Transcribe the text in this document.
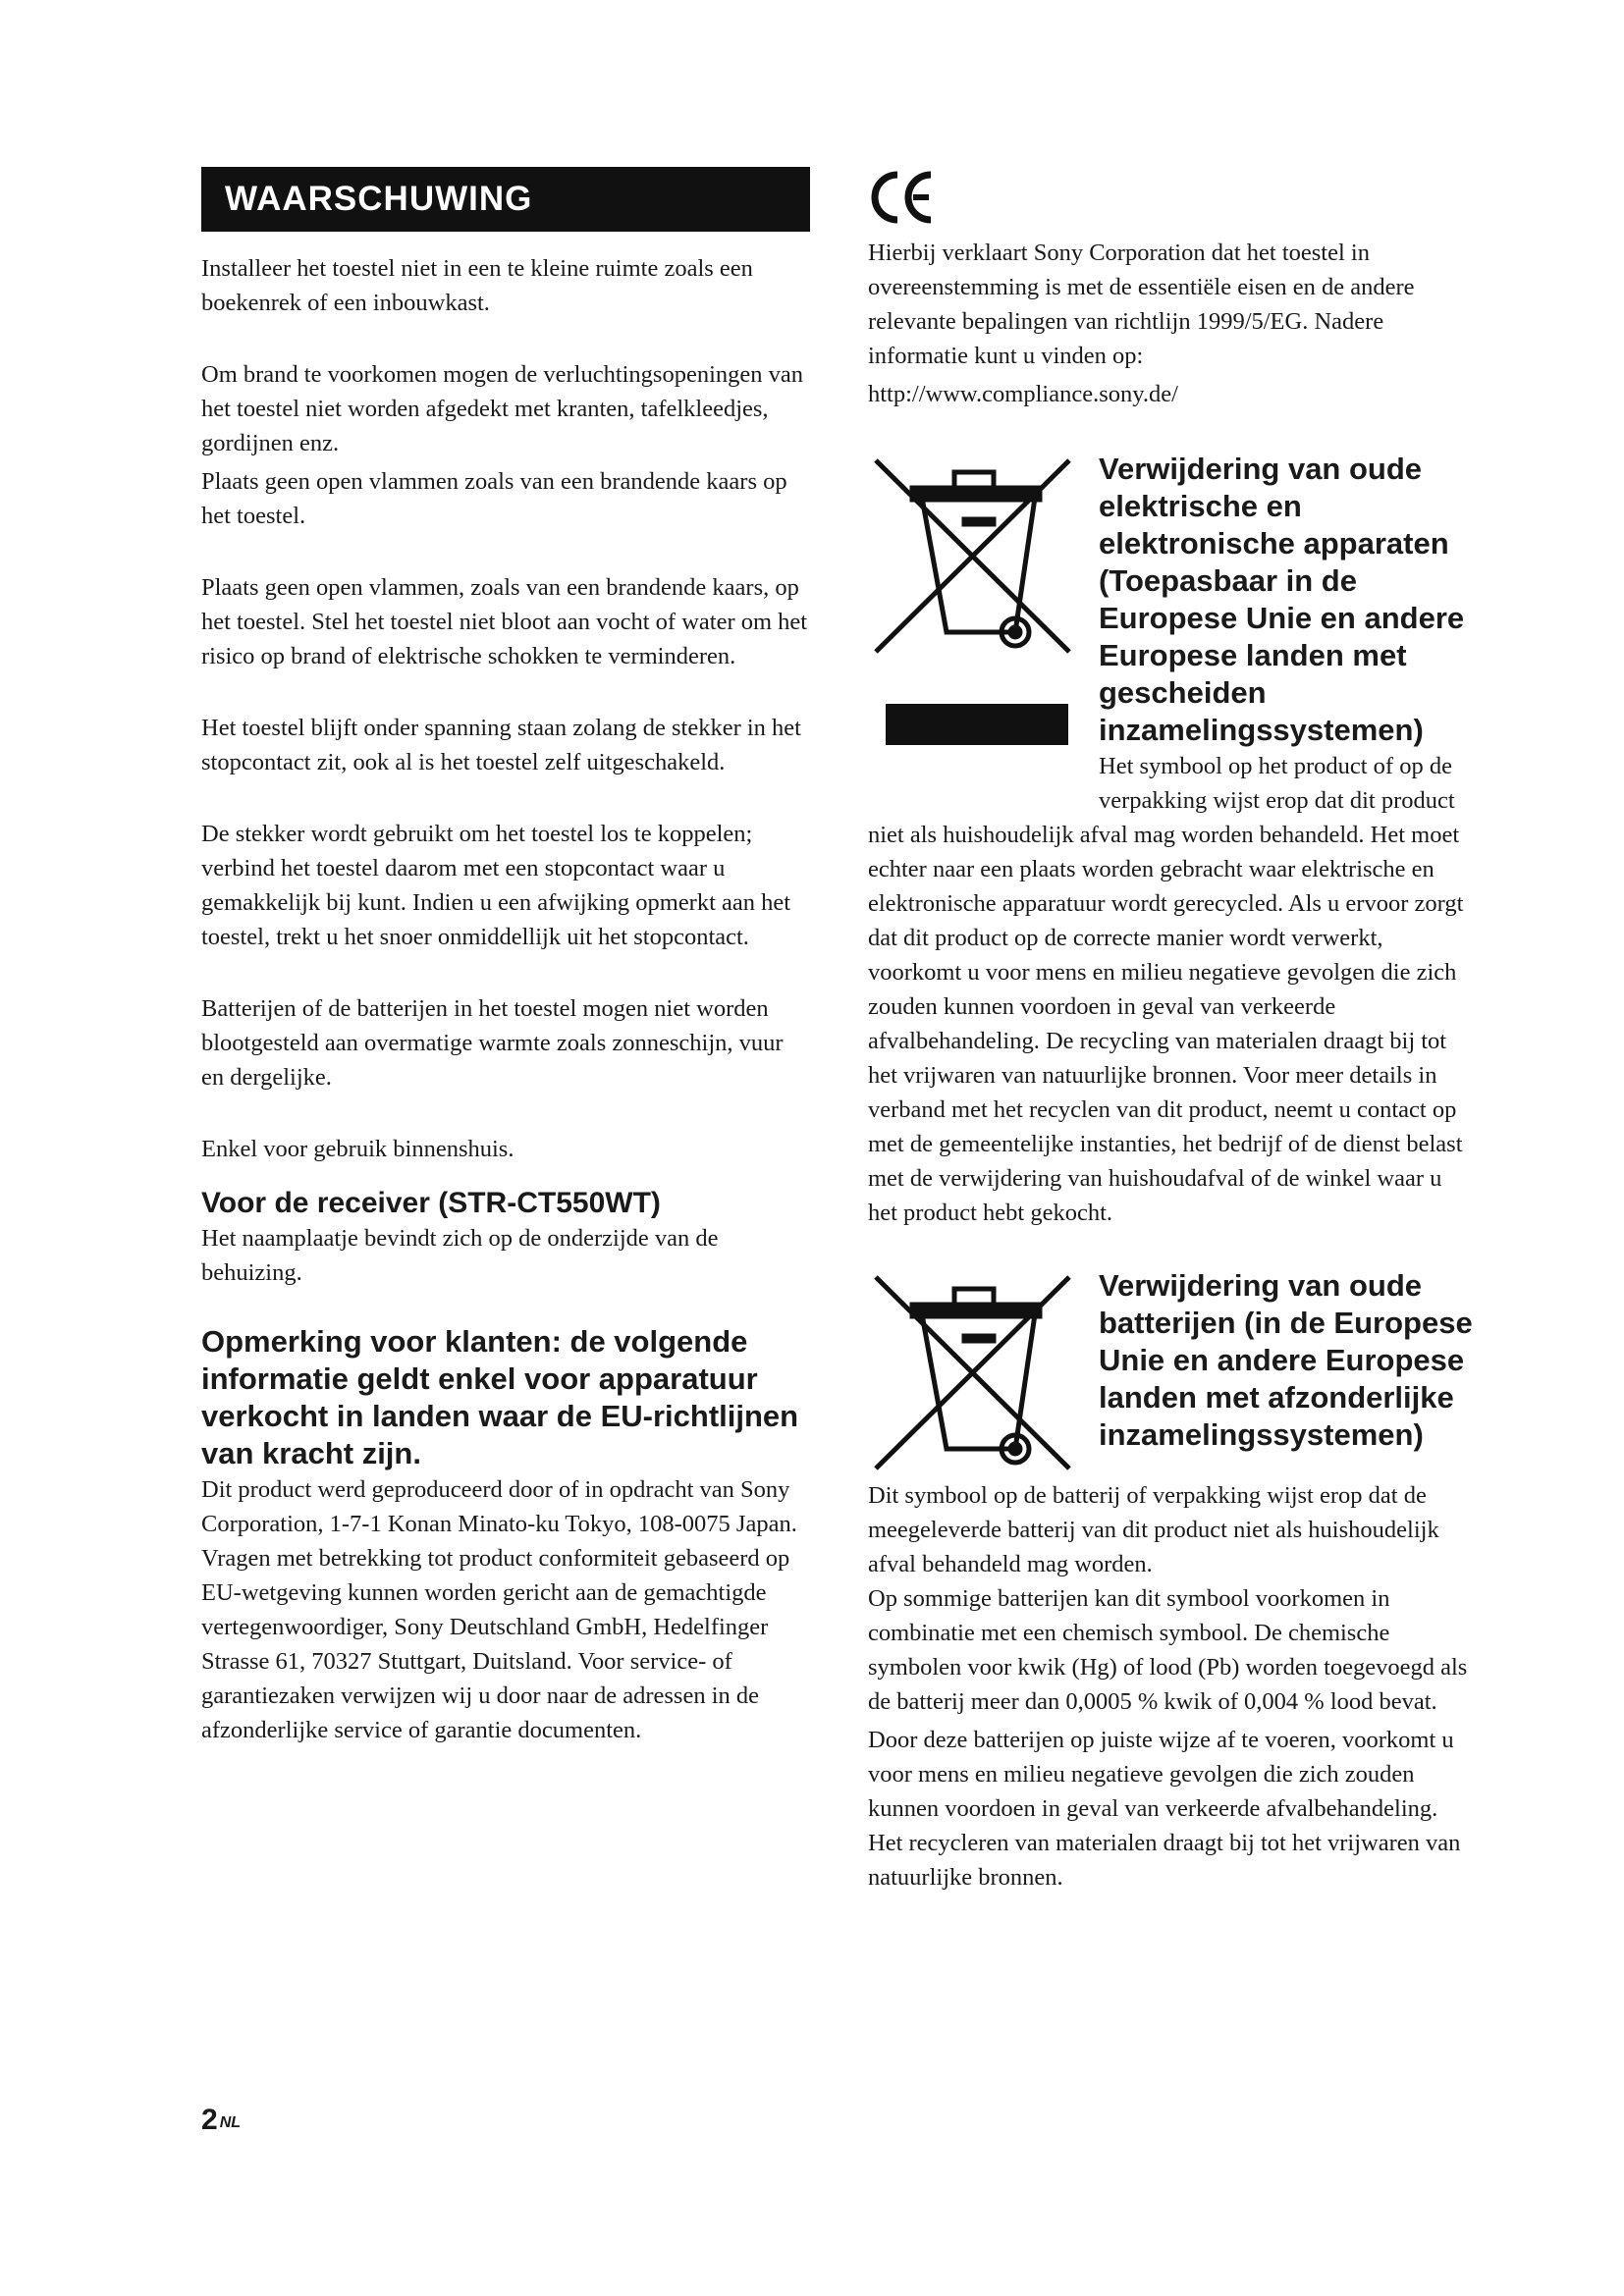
WAARSCHUWING

Installeer het toestel niet in een te kleine ruimte zoals een boekenrek of een inbouwkast.

Om brand te voorkomen mogen de verluchtingsopeningen van het toestel niet worden afgedekt met kranten, tafelkleedjes, gordijnen enz.

Plaats geen open vlammen zoals van een brandende kaars op het toestel.

Plaats geen open vlammen, zoals van een brandende kaars, op het toestel. Stel het toestel niet bloot aan vocht of water om het risico op brand of elektrische schokken te verminderen.

Het toestel blijft onder spanning staan zolang de stekker in het stopcontact zit, ook al is het toestel zelf uitgeschakeld.

De stekker wordt gebruikt om het toestel los te koppelen; verbind het toestel daarom met een stopcontact waar u gemakkelijk bij kunt. Indien u een afwijking opmerkt aan het toestel, trekt u het snoer onmiddellijk uit het stopcontact.

Batterijen of de batterijen in het toestel mogen niet worden blootgesteld aan overmatige warmte zoals zonneschijn, vuur en dergelijke.

Enkel voor gebruik binnenshuis.

Voor de receiver (STR-CT550WT)

Het naamplaatje bevindt zich op de onderzijde van de behuizing.

Opmerking voor klanten: de volgende informatie geldt enkel voor apparatuur verkocht in landen waar de EU-richtlijnen van kracht zijn.

Dit product werd geproduceerd door of in opdracht van Sony Corporation, 1-7-1 Konan Minato-ku Tokyo, 108-0075 Japan. Vragen met betrekking tot product conformiteit gebaseerd op EU-wetgeving kunnen worden gericht aan de gemachtigde vertegenwoordiger, Sony Deutschland GmbH, Hedelfinger Strasse 61, 70327 Stuttgart, Duitsland. Voor service- of garantiezaken verwijzen wij u door naar de adressen in de afzonderlijke service of garantie documenten.

Hierbij verklaart Sony Corporation dat het toestel in overeenstemming is met de essentiële eisen en de andere relevante bepalingen van richtlijn 1999/5/EG. Nadere informatie kunt u vinden op:

http://www.compliance.sony.de/

Verwijdering van oude elektrische en elektronische apparaten (Toepasbaar in de Europese Unie en andere Europese landen met gescheiden inzamelingssystemen)

Het symbool op het product of op de verpakking wijst erop dat dit product niet als huishoudelijk afval mag worden behandeld. Het moet echter naar een plaats worden gebracht waar elektrische en elektronische apparatuur wordt gerecycled. Als u ervoor zorgt dat dit product op de correcte manier wordt verwerkt, voorkomt u voor mens en milieu negatieve gevolgen die zich zouden kunnen voordoen in geval van verkeerde afvalbehandeling. De recycling van materialen draagt bij tot het vrijwaren van natuurlijke bronnen. Voor meer details in verband met het recyclen van dit product, neemt u contact op met de gemeentelijke instanties, het bedrijf of de dienst belast met de verwijdering van huishoudafval of de winkel waar u het product hebt gekocht.

Verwijdering van oude batterijen (in de Europese Unie en andere Europese landen met afzonderlijke inzamelingssystemen)

Dit symbool op de batterij of verpakking wijst erop dat de meegeleverde batterij van dit product niet als huishoudelijk afval behandeld mag worden.

Op sommige batterijen kan dit symbool voorkomen in combinatie met een chemisch symbool. De chemische symbolen voor kwik (Hg) of lood (Pb) worden toegevoegd als de batterij meer dan 0,0005 % kwik of 0,004 % lood bevat.

Door deze batterijen op juiste wijze af te voeren, voorkomt u voor mens en milieu negatieve gevolgen die zich zouden kunnen voordoen in geval van verkeerde afvalbehandeling. Het recycleren van materialen draagt bij tot het vrijwaren van natuurlijke bronnen.

2 NL
